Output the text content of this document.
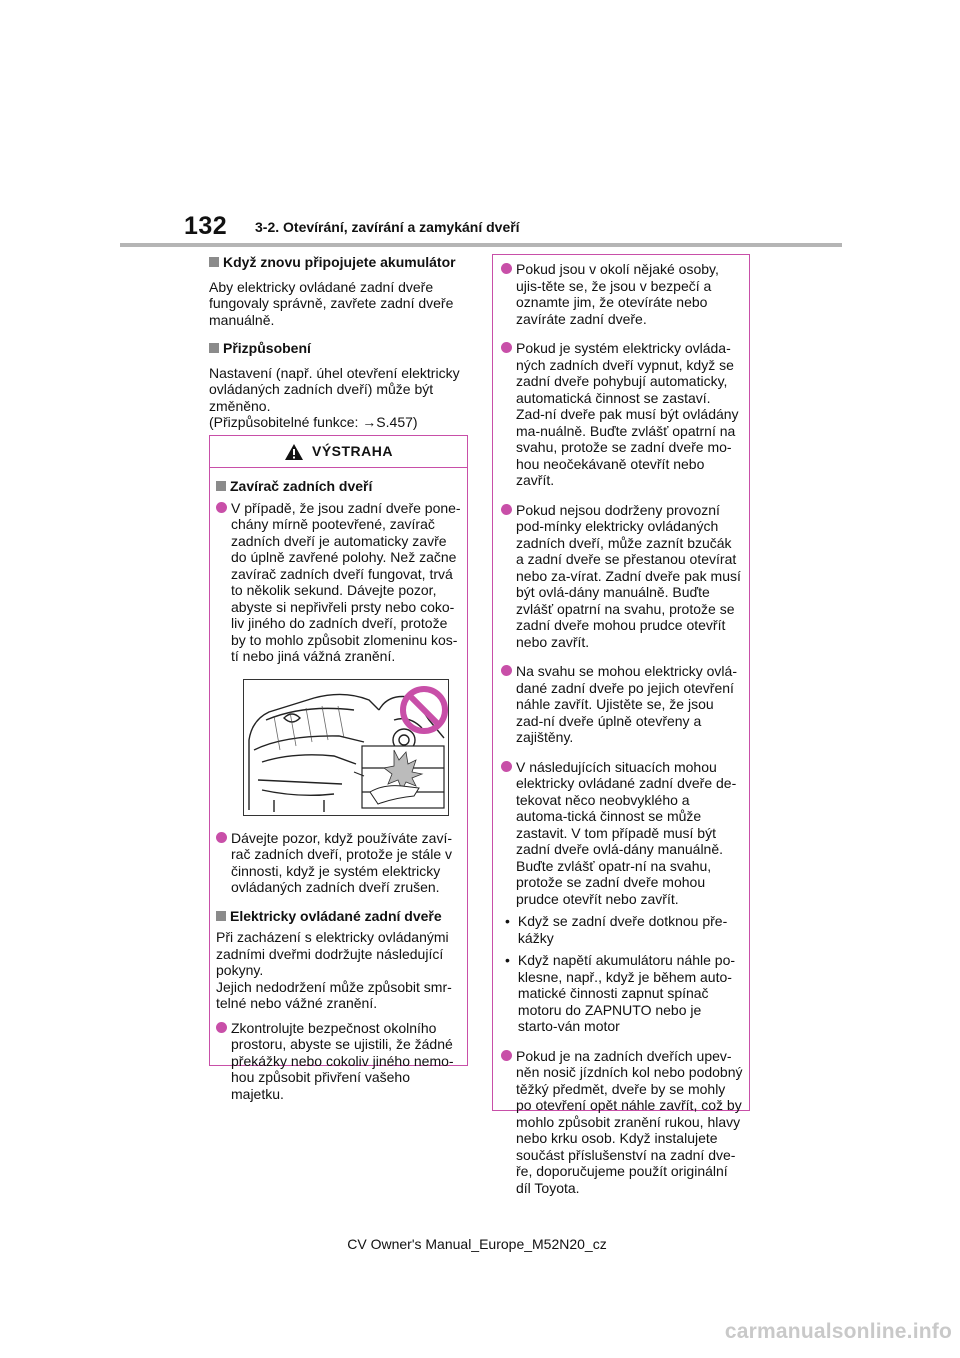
132 3-2. Otevírání, zavírání a zamykání dveří
Když znovu připojujete akumulátor

Aby elektricky ovládané zadní dveře fungovaly správně, zavřete zadní dveře manuálně.

Přizpůsobení

Nastavení (např. úhel otevření elektricky ovládaných zadních dveří) může být změněno.

(Přizpůsobitelné funkce: →S.457)

VÝSTRAHA
Zavírač zadních dveří
V případě, že jsou zadní dveře pone-chány mírně pootevřené, zavírač zadních dveří je automaticky zavře do úplně zavřené polohy. Než začne zavírač zadních dveří fungovat, trvá to několik sekund. Dávejte pozor, abyste si nepřivřeli prsty nebo coko-liv jiného do zadních dveří, protože by to mohlo způsobit zlomeninu kos-tí nebo jiná vážná zranění.
Dávejte pozor, když používáte zaví-rač zadních dveří, protože je stále v činnosti, když je systém elektricky ovládaných zadních dveří zrušen.
Elektricky ovládané zadní dveře

Při zacházení s elektricky ovládanými zadními dveřmi dodržujte následující pokyny.

Jejich nedodržení může způsobit smr-telné nebo vážné zranění.

Zkontrolujte bezpečnost okolního prostoru, abyste se ujistili, že žádné překážky nebo cokoliv jiného nemo-hou způsobit přivření vašeho majetku.
Pokud jsou v okolí nějaké osoby, ujis-těte se, že jsou v bezpečí a oznamte jim, že otevíráte nebo zavíráte zadní dveře.
Pokud je systém elektricky ovláda-ných zadních dveří vypnut, když se zadní dveře pohybují automaticky, automatická činnost se zastaví. Zad-ní dveře pak musí být ovládány ma-nuálně. Buďte zvlášť opatrní na svahu, protože se zadní dveře mo-hou neočekávaně otevřít nebo zavřít.
Pokud nejsou dodrženy provozní pod-mínky elektricky ovládaných zadních dveří, může zaznít bzučák a zadní dveře se přestanou otevírat nebo za-vírat. Zadní dveře pak musí být ovlá-dány manuálně. Buďte zvlášť opatrní na svahu, protože se zadní dveře mohou prudce otevřít nebo zavřít.
Na svahu se mohou elektricky ovlá-dané zadní dveře po jejich otevření náhle zavřít. Ujistěte se, že jsou zad-ní dveře úplně otevřeny a zajištěny.
V následujících situacích mohou elektricky ovládané zadní dveře de-tekovat něco neobvyklého a automa-tická činnost se může zastavit. V tom případě musí být zadní dveře ovlá-dány manuálně. Buďte zvlášť opatr-ní na svahu, protože se zadní dveře mohou prudce otevřít nebo zavřít.
• Když se zadní dveře dotknou pře-kážky
• Když napětí akumulátoru náhle po-klesne, např., když je během auto-matické činnosti zapnut spínač motoru do ZAPNUTO nebo je starto-ván motor
Pokud je na zadních dveřích upev-něn nosič jízdních kol nebo podobný těžký předmět, dveře by se mohly po otevření opět náhle zavřít, což by mohlo způsobit zranění rukou, hlavy nebo krku osob. Když instalujete součást příslušenství na zadní dve-ře, doporučujeme použít originální díl Toyota.
CV Owner's Manual_Europe_M52N20_cz
carmanualsonline.info
